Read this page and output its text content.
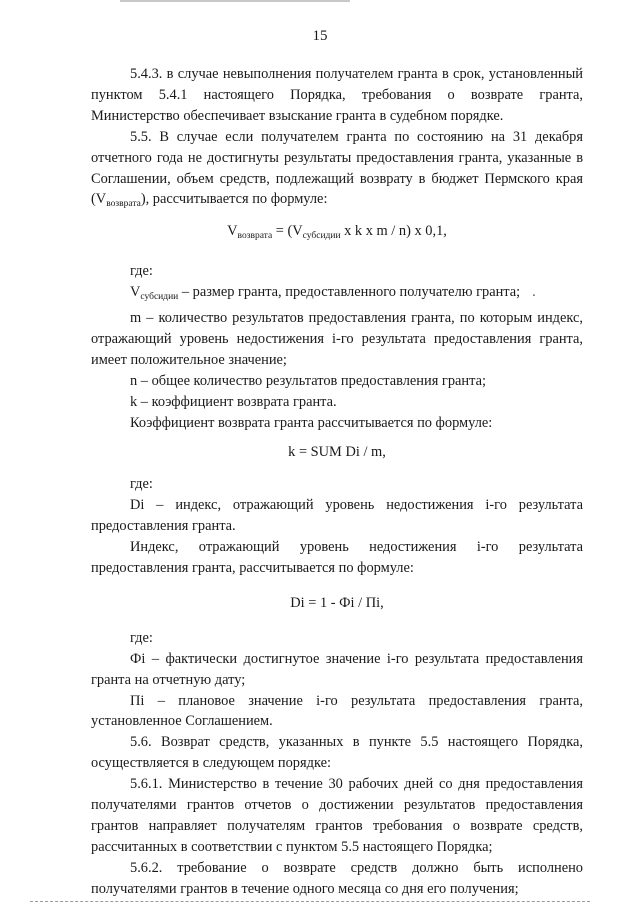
15

5.4.3. в случае невыполнения получателем гранта в срок, установленный пунктом 5.4.1 настоящего Порядка, требования о возврате гранта, Министерство обеспечивает взыскание гранта в судебном порядке.

5.5. В случае если получателем гранта по состоянию на 31 декабря отчетного года не достигнуты результаты предоставления гранта, указанные в Соглашении, объем средств, подлежащий возврату в бюджет Пермского края $(V_{возврата})$, рассчитывается по формуле:

$V_{возврата} = (V_{субсидии}$ x k x m / n) x 0,1,

где:

$V_{субсидии}$ – размер гранта, предоставленного получателю гранта; .

m – количество результатов предоставления гранта, по которым индекс, отражающий уровень недостижения i-го результата предоставления гранта, имеет положительное значение;

n – общее количество результатов предоставления гранта;

k – коэффициент возврата гранта.

Коэффициент возврата гранта рассчитывается по формуле:

k = SUM Di / m,

где:

Di – индекс, отражающий уровень недостижения i-го результата предоставления гранта.

Индекс, отражающий уровень недостижения i-го результата предоставления гранта, рассчитывается по формуле:

Di = 1 - Фi / Пi,

где:

Фi – фактически достигнутое значение i-го результата предоставления гранта на отчетную дату;

Пi – плановое значение i-го результата предоставления гранта, установленное Соглашением.

5.6. Возврат средств, указанных в пункте 5.5 настоящего Порядка, осуществляется в следующем порядке:

5.6.1. Министерство в течение 30 рабочих дней со дня предоставления получателями грантов отчетов о достижении результатов предоставления грантов направляет получателям грантов требования о возврате средств, рассчитанных в соответствии с пунктом 5.5 настоящего Порядка;

5.6.2. требование о возврате средств должно быть исполнено получателями грантов в течение одного месяца со дня его получения;
